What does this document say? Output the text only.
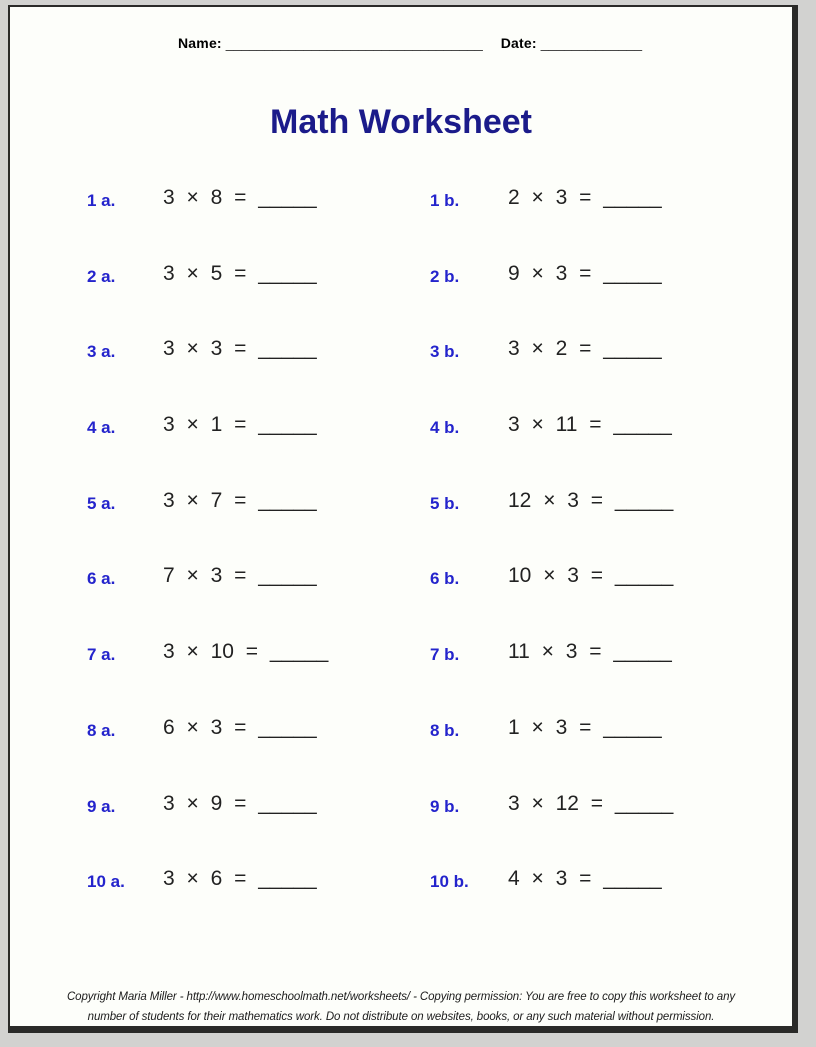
Name: _________________________________ Date: _____________
Math Worksheet
1 a. 3 × 8 = _____	1 b. 2 × 3 = _____
2 a. 3 × 5 = _____	2 b. 9 × 3 = _____
3 a. 3 × 3 = _____	3 b. 3 × 2 = _____
4 a. 3 × 1 = _____	4 b. 3 × 11 = _____
5 a. 3 × 7 = _____	5 b. 12 × 3 = _____
6 a. 7 × 3 = _____	6 b. 10 × 3 = _____
7 a. 3 × 10 = _____	7 b. 11 × 3 = _____
8 a. 6 × 3 = _____	8 b. 1 × 3 = _____
9 a. 3 × 9 = _____	9 b. 3 × 12 = _____
10 a. 3 × 6 = _____	10 b. 4 × 3 = _____
Copyright Maria Miller - http://www.homeschoolmath.net/worksheets/ - Copying permission: You are free to copy this worksheet to any
number of students for their mathematics work. Do not distribute on websites, books, or any such material without permission.
